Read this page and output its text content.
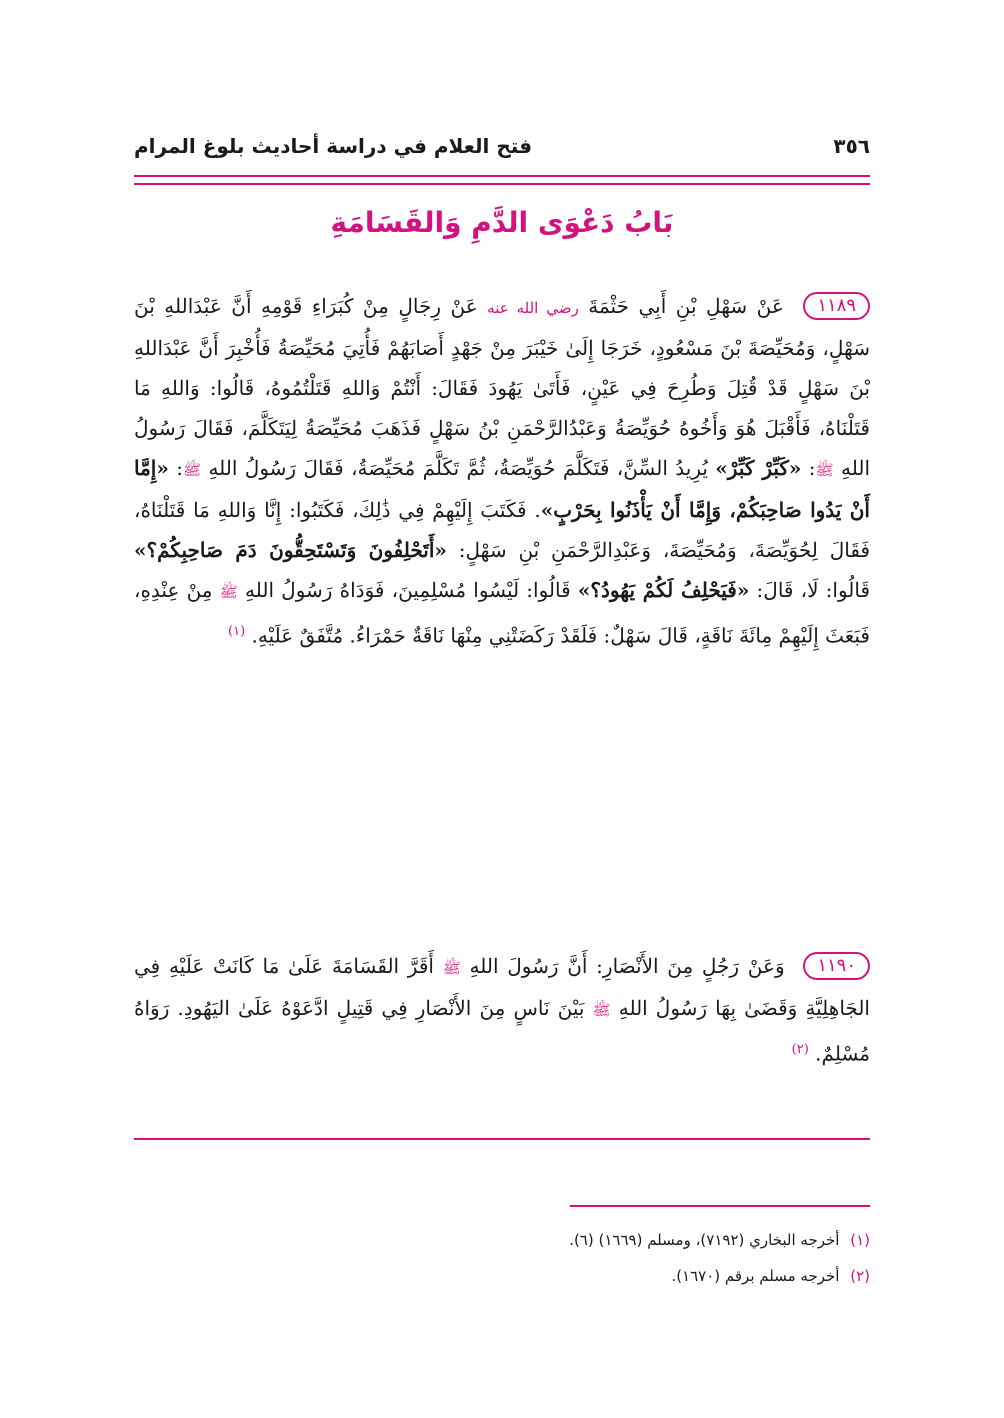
٣٥٦
فتح العلام في دراسة أحاديث بلوغ المرام
بَابُ دَعْوَى الدَّمِ وَالقَسَامَةِ
١١٨٩ عَنْ سَهْلِ بْنِ أَبِي حَثْمَةَ رضي الله عنه عَنْ رِجَالٍ مِنْ كُبَرَاءِ قَوْمِهِ أَنَّ عَبْدَاللهِ بْنَ سَهْلٍ، وَمُحَيِّصَةَ بْنَ مَسْعُودٍ، خَرَجَا إِلَىٰ خَيْبَرَ مِنْ جَهْدٍ أَصَابَهُمْ فَأُتِيَ مُحَيِّصَةُ فَأُخْبِرَ أَنَّ عَبْدَاللهِ بْنَ سَهْلٍ قَدْ قُتِلَ وَطُرِحَ فِي عَيْنٍ، فَأَتَىٰ يَهُودَ فَقَالَ: أَنْتُمْ وَاللهِ قَتَلْتُمُوهُ، قَالُوا: وَاللهِ مَا قَتَلْنَاهُ، فَأَقْبَلَ هُوَ وَأَخُوهُ حُوَيِّصَةُ وَعَبْدُالرَّحْمَنِ بْنُ سَهْلٍ فَذَهَبَ مُحَيِّصَةُ لِيَتَكَلَّمَ، فَقَالَ رَسُولُ اللهِ ﷺ: «كَبِّرْ كَبِّرْ» يُرِيدُ السِّنَّ، فَتَكَلَّمَ حُوَيِّصَةُ، ثُمَّ تَكَلَّمَ مُحَيِّصَةُ، فَقَالَ رَسُولُ اللهِ ﷺ: «إِمَّا أَنْ يَدُوا صَاحِبَكُمْ، وَإِمَّا أَنْ يَأْذَنُوا بِحَرْبٍ». فَكَتَبَ إِلَيْهِمْ فِي ذَٰلِكَ، فَكَتَبُوا: إِنَّا وَاللهِ مَا قَتَلْنَاهُ، فَقَالَ لِحُوَيِّصَةَ، وَمُحَيِّصَةَ، وَعَبْدِالرَّحْمَنِ بْنِ سَهْلٍ: «أَتَحْلِفُونَ وَتَسْتَحِقُّونَ دَمَ صَاحِبِكُمْ؟» قَالُوا: لَا، قَالَ: «فَيَحْلِفُ لَكُمْ يَهُودُ؟» قَالُوا: لَيْسُوا مُسْلِمِينَ، فَوَدَاهُ رَسُولُ اللهِ ﷺ مِنْ عِنْدِهِ، فَبَعَثَ إِلَيْهِمْ مِائَةَ نَاقَةٍ، قَالَ سَهْلٌ: فَلَقَدْ رَكَضَتْنِي مِنْهَا نَاقَةٌ حَمْرَاءُ. مُتَّفَقٌ عَلَيْهِ. $^{(١)}$
١١٩٠ وَعَنْ رَجُلٍ مِنَ الأَنْصَارِ: أَنَّ رَسُولَ اللهِ ﷺ أَقَرَّ القَسَامَةَ عَلَىٰ مَا كَانَتْ عَلَيْهِ فِي الجَاهِلِيَّةِ وَقَضَىٰ بِهَا رَسُولُ اللهِ ﷺ بَيْنَ نَاسٍ مِنَ الأَنْصَارِ فِي قَتِيلٍ ادَّعَوْهُ عَلَىٰ اليَهُودِ. رَوَاهُ مُسْلِمٌ. $^{(٢)}$
(١) أخرجه البخاري (٧١٩٢)، ومسلم (١٦٦٩) (٦).
(٢) أخرجه مسلم برقم (١٦٧٠).
